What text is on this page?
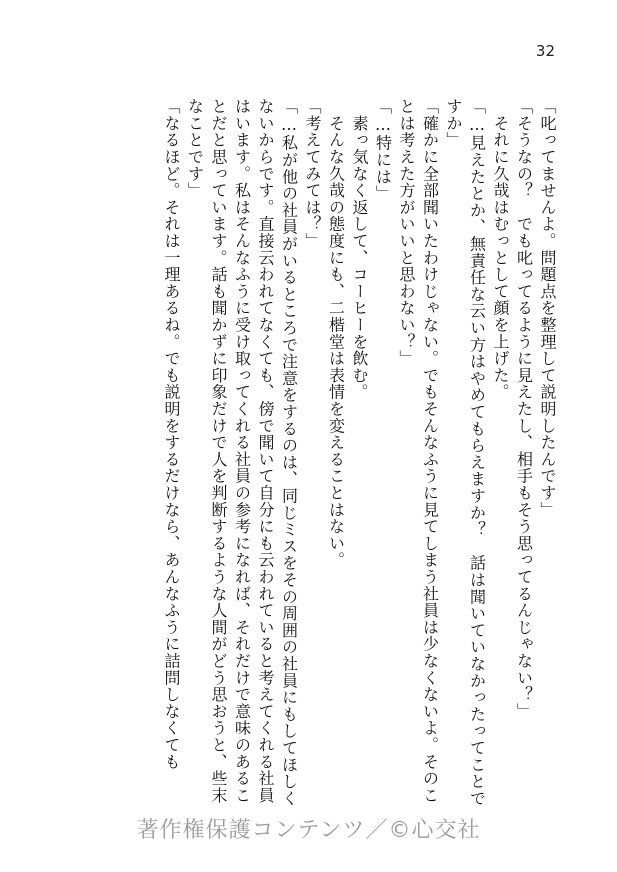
32

「叱ってませんよ。問題点を整理して説明したんです」

「そうなの？　でも叱ってるように見えたし、相手もそう思ってるんじゃない？」

　それに久哉はむっとして顔を上げた。

「…見えたとか、無責任な云い方はやめてもらえますか？　話は聞いていなかったってことですか」

「確かに全部聞いたわけじゃない。でもそんなふうに見てしまう社員は少なくないよ。そのことは考えた方がいいと思わない？」

「…特には」

　素っ気なく返して、コーヒーを飲む。

　そんな久哉の態度にも、二楷堂は表情を変えることはない。

「考えてみては？」

「…私が他の社員がいるところで注意をするのは、同じミスをその周囲の社員にもしてほしくないからです。直接云われてなくても、傍で聞いて自分にも云われていると考えてくれる社員はいます。私はそんなふうに受け取ってくれる社員の参考になれば、それだけで意味のあることだと思っています。話も聞かずに印象だけで人を判断するような人間がどう思おうと、些末なことです」

「なるほど。それは一理あるね。でも説明をするだけなら、あんなふうに詰問しなくても

著作権保護コンテンツ／©心交社
